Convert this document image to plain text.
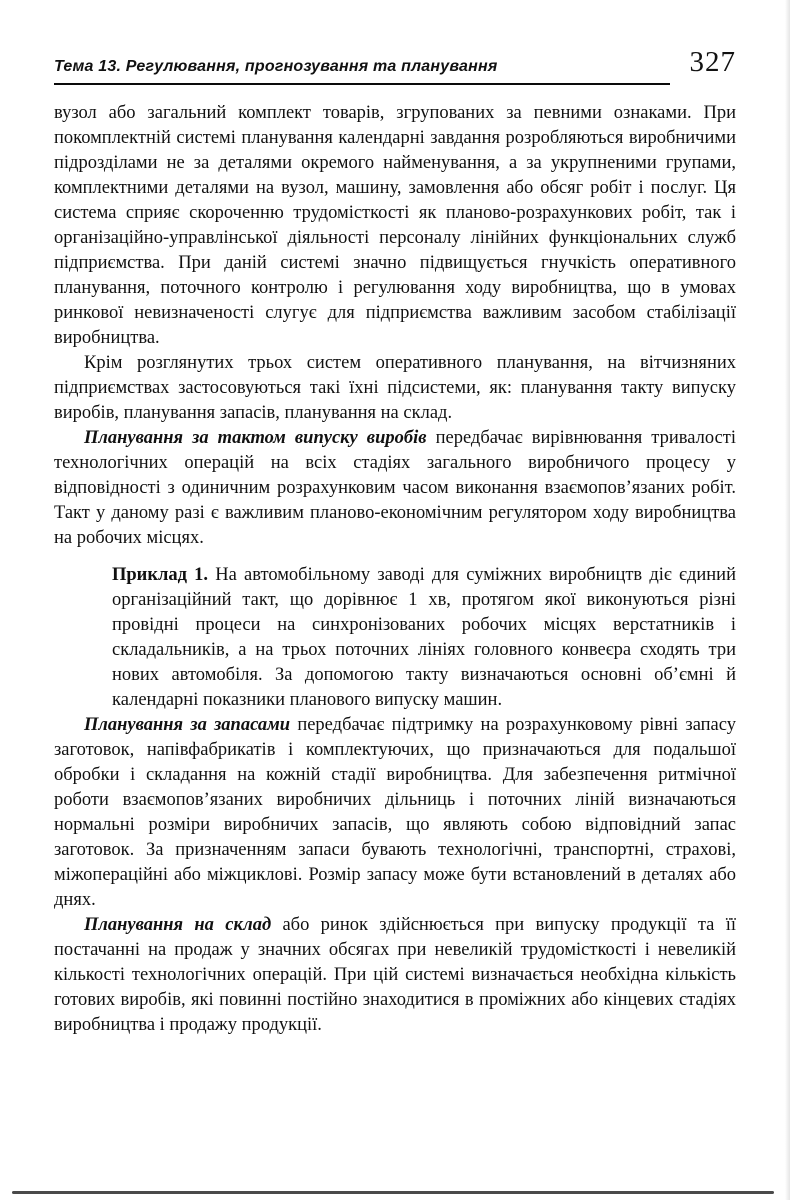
Тема 13. Регулювання, прогнозування та планування	327

вузол або загальний комплект товарів, згрупованих за певними ознаками. При покомплектній системі планування календарні завдання розробляються виробничими підрозділами не за деталями окремого найменування, а за укрупненими групами, комплектними деталями на вузол, машину, замовлення або обсяг робіт і послуг. Ця система сприяє скороченню трудомісткості як планово-розрахункових робіт, так і організаційно-управлінської діяльності персоналу лінійних функціональних служб підприємства. При даній системі значно підвищується гнучкість оперативного планування, поточного контролю і регулювання ходу виробництва, що в умовах ринкової невизначеності слугує для підприємства важливим засобом стабілізації виробництва.

Крім розглянутих трьох систем оперативного планування, на вітчизняних підприємствах застосовуються такі їхні підсистеми, як: планування такту випуску виробів, планування запасів, планування на склад.

Планування за тактом випуску виробів передбачає вирівнювання тривалості технологічних операцій на всіх стадіях загального виробничого процесу у відповідності з одиничним розрахунковим часом виконання взаємопов’язаних робіт. Такт у даному разі є важливим планово-економічним регулятором ходу виробництва на робочих місцях.

Приклад 1. На автомобільному заводі для суміжних виробництв діє єдиний організаційний такт, що дорівнює 1 хв, протягом якої виконуються різні провідні процеси на синхронізованих робочих місцях верстатників і складальників, а на трьох поточних лініях головного конвеєра сходять три нових автомобіля. За допомогою такту визначаються основні об’ємні й календарні показники планового випуску машин.

Планування за запасами передбачає підтримку на розрахунковому рівні запасу заготовок, напівфабрикатів і комплектуючих, що призначаються для подальшої обробки і складання на кожній стадії виробництва. Для забезпечення ритмічної роботи взаємопов’язаних виробничих дільниць і поточних ліній визначаються нормальні розміри виробничих запасів, що являють собою відповідний запас заготовок. За призначенням запаси бувають технологічні, транспортні, страхові, міжопераційні або міжциклові. Розмір запасу може бути встановлений в деталях або днях.

Планування на склад або ринок здійснюється при випуску продукції та її постачанні на продаж у значних обсягах при невеликій трудомісткості і невеликій кількості технологічних операцій. При цій системі визначається необхідна кількість готових виробів, які повинні постійно знаходитися в проміжних або кінцевих стадіях виробництва і продажу продукції.
